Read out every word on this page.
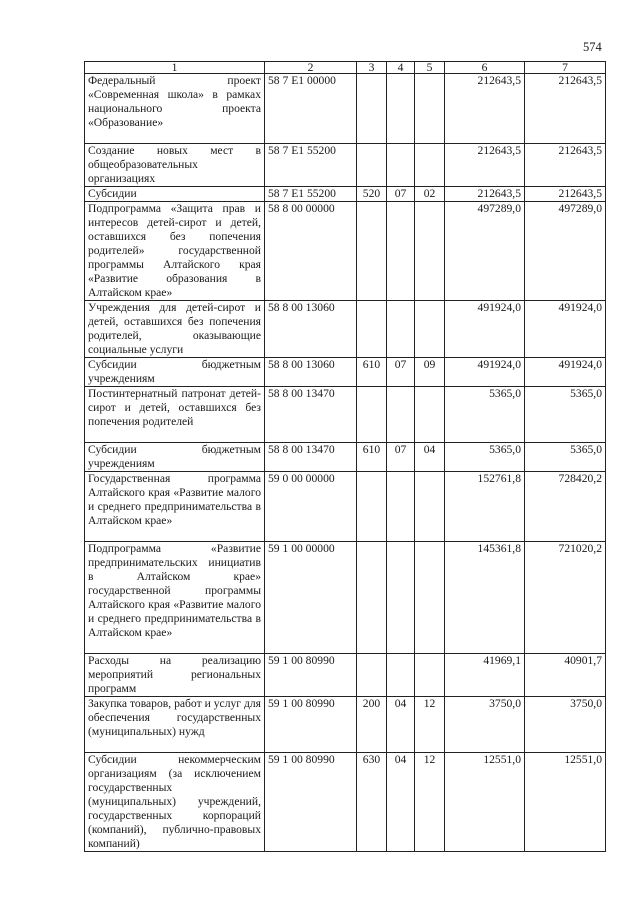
574
1	2	3	4	5	6	7
Федеральный проект «Современная школа» в рамках национального проекта «Образование»	58 7 E1 00000				212643,5	212643,5
Создание новых мест в общеобразовательных организациях	58 7 E1 55200				212643,5	212643,5
Субсидии	58 7 E1 55200	520	07	02	212643,5	212643,5
Подпрограмма «Защита прав и интересов детей-сирот и детей, оставшихся без попечения родителей» государственной программы Алтайского края «Развитие образования в Алтайском крае»	58 8 00 00000				497289,0	497289,0
Учреждения для детей-сирот и детей, оставшихся без попечения родителей, оказывающие социальные услуги	58 8 00 13060				491924,0	491924,0
Субсидии бюджетным учреждениям	58 8 00 13060	610	07	09	491924,0	491924,0
Постинтернатный патронат детей-сирот и детей, оставшихся без попечения родителей	58 8 00 13470				5365,0	5365,0
Субсидии бюджетным учреждениям	58 8 00 13470	610	07	04	5365,0	5365,0
Государственная программа Алтайского края «Развитие малого и среднего предпринимательства в Алтайском крае»	59 0 00 00000				152761,8	728420,2
Подпрограмма «Развитие предпринимательских инициатив в Алтайском крае» государственной программы Алтайского края «Развитие малого и среднего предпринимательства в Алтайском крае»	59 1 00 00000				145361,8	721020,2
Расходы на реализацию мероприятий региональных программ	59 1 00 80990				41969,1	40901,7
Закупка товаров, работ и услуг для обеспечения государственных (муниципальных) нужд	59 1 00 80990	200	04	12	3750,0	3750,0
Субсидии некоммерческим организациям (за исключением государственных (муниципальных) учреждений, государственных корпораций (компаний), публично-правовых компаний)	59 1 00 80990	630	04	12	12551,0	12551,0
